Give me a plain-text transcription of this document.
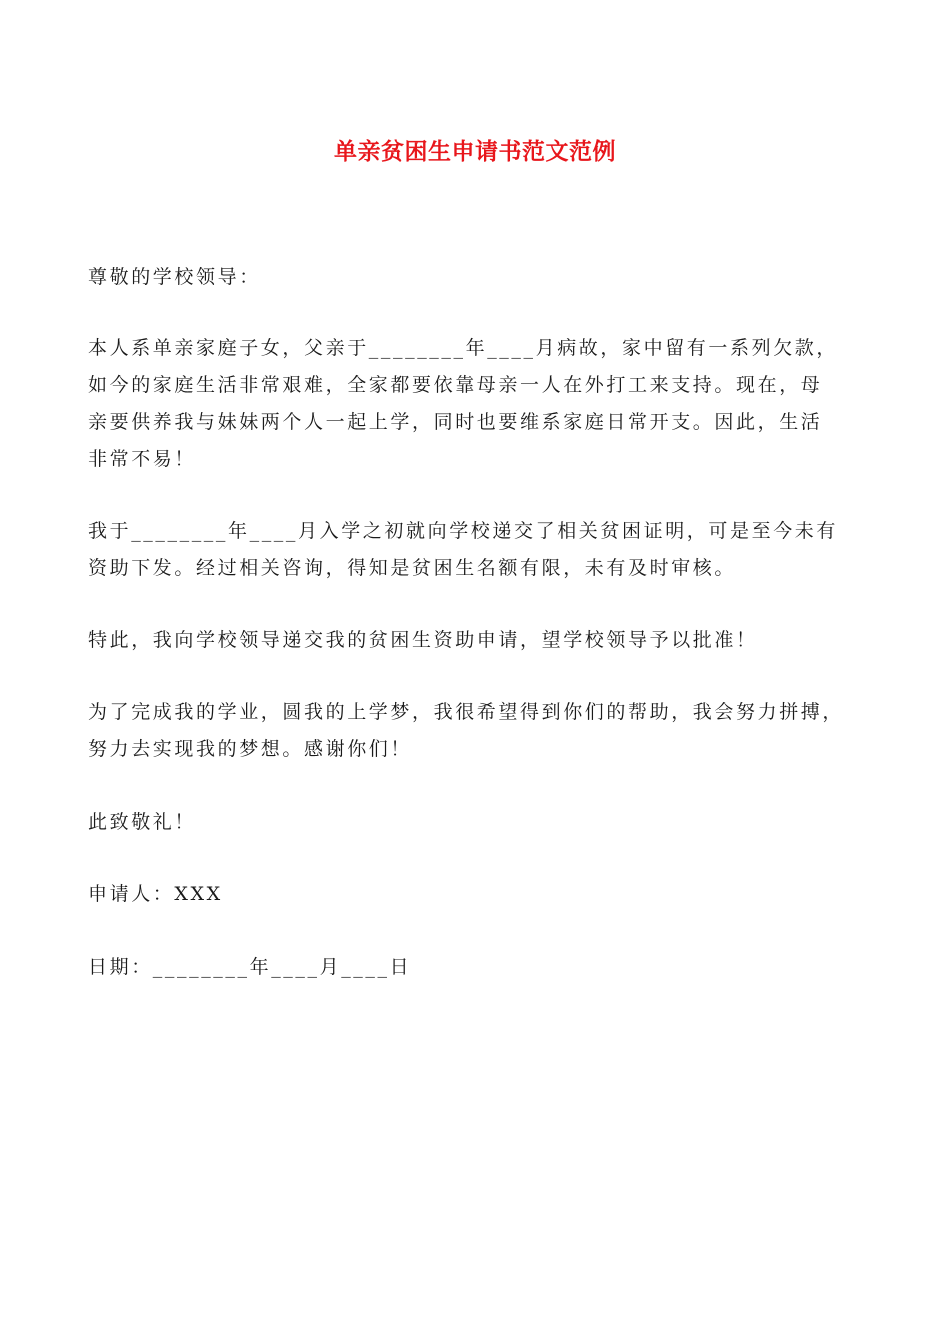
单亲贫困生申请书范文范例
尊敬的学校领导：
本人系单亲家庭子女，父亲于________年____月病故，家中留有一系列欠款，
如今的家庭生活非常艰难，全家都要依靠母亲一人在外打工来支持。现在，母
亲要供养我与妹妹两个人一起上学，同时也要维系家庭日常开支。因此，生活
非常不易！
我于________年____月入学之初就向学校递交了相关贫困证明，可是至今未有
资助下发。经过相关咨询，得知是贫困生名额有限，未有及时审核。
特此，我向学校领导递交我的贫困生资助申请，望学校领导予以批准！
为了完成我的学业，圆我的上学梦，我很希望得到你们的帮助，我会努力拼搏，
努力去实现我的梦想。感谢你们！
此致敬礼！
申请人：XXX
日期：________年____月____日
